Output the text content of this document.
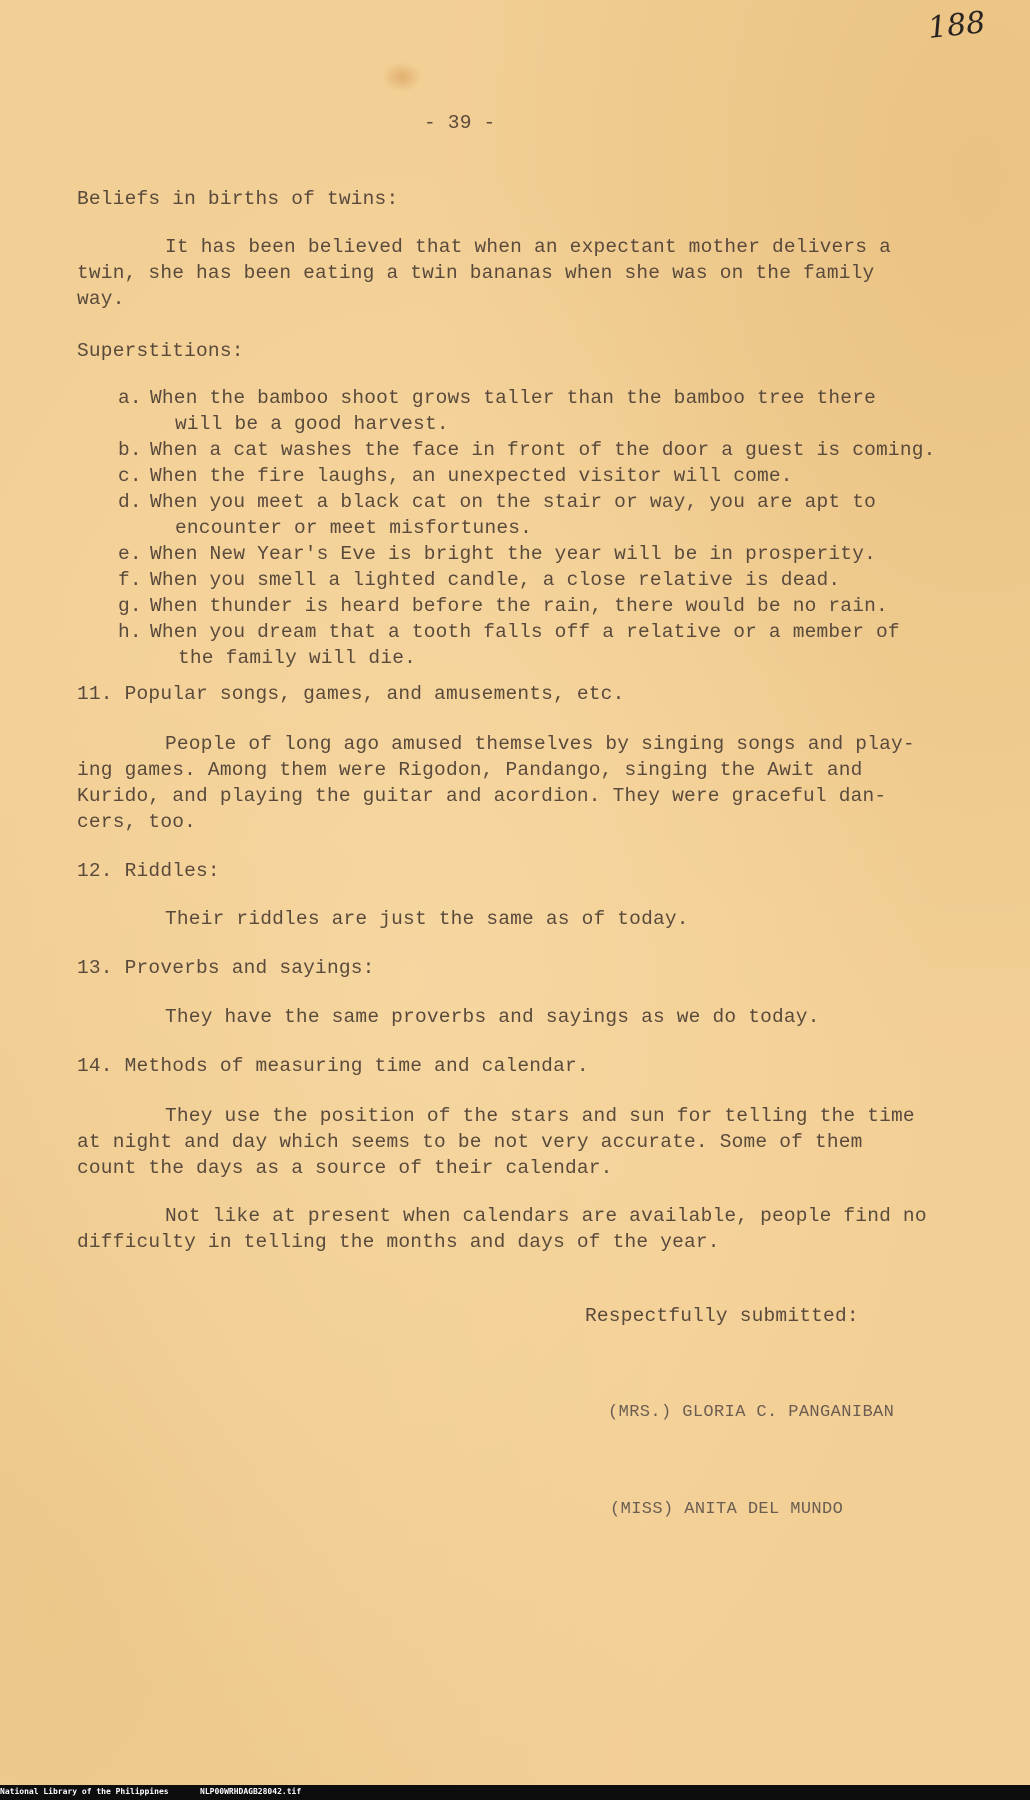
188
- 39 -
Beliefs in births of twins:
It has been believed that when an expectant mother delivers a
twin, she has been eating a twin bananas when she was on the family
way.
Superstitions:
a. When the bamboo shoot grows taller than the bamboo tree there
will be a good harvest.
b. When a cat washes the face in front of the door a guest is coming.
c. When the fire laughs, an unexpected visitor will come.
d. When you meet a black cat on the stair or way, you are apt to
encounter or meet misfortunes.
e. When New Year's Eve is bright the year will be in prosperity.
f. When you smell a lighted candle, a close relative is dead.
g. When thunder is heard before the rain, there would be no rain.
h. When you dream that a tooth falls off a relative or a member of
the family will die.
11. Popular songs, games, and amusements, etc.
People of long ago amused themselves by singing songs and play-
ing games. Among them were Rigodon, Pandango, singing the Awit and
Kurido, and playing the guitar and acordion. They were graceful dan-
cers, too.
12. Riddles:
Their riddles are just the same as of today.
13. Proverbs and sayings:
They have the same proverbs and sayings as we do today.
14. Methods of measuring time and calendar.
They use the position of the stars and sun for telling the time
at night and day which seems to be not very accurate. Some of them
count the days as a source of their calendar.
Not like at present when calendars are available, people find no
difficulty in telling the months and days of the year.
Respectfully submitted:
(MRS.) GLORIA C. PANGANIBAN
(MISS) ANITA DEL MUNDO
National Library of the Philippines	NLP00WRHDAGB28042.tif
